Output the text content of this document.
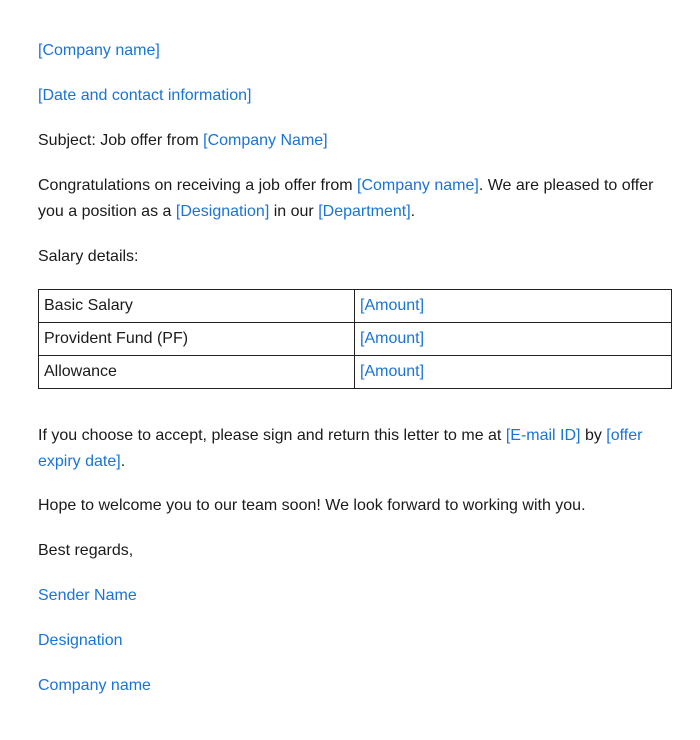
[Company name]
[Date and contact information]
Subject: Job offer from [Company Name]
Congratulations on receiving a job offer from [Company name]. We are pleased to offer you a position as a [Designation] in our [Department].
Salary details:
Basic Salary	[Amount]
Provident Fund (PF)	[Amount]
Allowance	[Amount]
If you choose to accept, please sign and return this letter to me at [E-mail ID] by [offer expiry date].
Hope to welcome you to our team soon! We look forward to working with you.
Best regards,
Sender Name
Designation
Company name
